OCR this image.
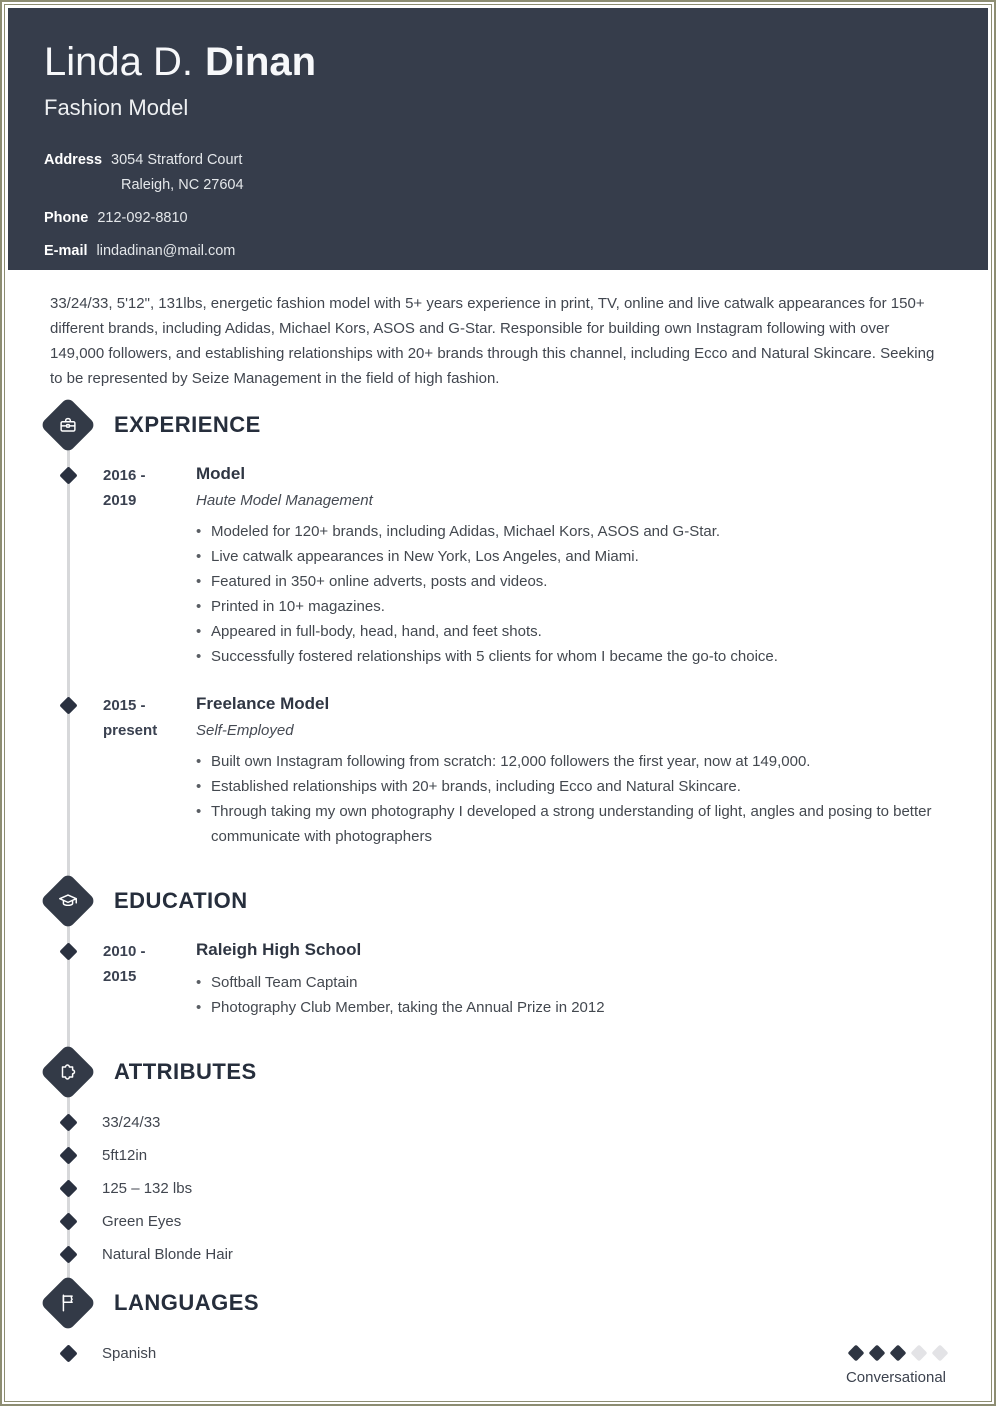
Linda D. Dinan
Fashion Model
Address 3054 Stratford Court
Raleigh, NC 27604
Phone 212-092-8810
E-mail lindadinan@mail.com
33/24/33, 5'12", 131lbs, energetic fashion model with 5+ years experience in print, TV, online and live catwalk appearances for 150+ different brands, including Adidas, Michael Kors, ASOS and G-Star. Responsible for building own Instagram following with over 149,000 followers, and establishing relationships with 20+ brands through this channel, including Ecco and Natural Skincare. Seeking to be represented by Seize Management in the field of high fashion.
EXPERIENCE
2016 -
2019
Model
Haute Model Management
• Modeled for 120+ brands, including Adidas, Michael Kors, ASOS and G-Star.
• Live catwalk appearances in New York, Los Angeles, and Miami.
• Featured in 350+ online adverts, posts and videos.
• Printed in 10+ magazines.
• Appeared in full-body, head, hand, and feet shots.
• Successfully fostered relationships with 5 clients for whom I became the go-to choice.
2015 -
present
Freelance Model
Self-Employed
• Built own Instagram following from scratch: 12,000 followers the first year, now at 149,000.
• Established relationships with 20+ brands, including Ecco and Natural Skincare.
• Through taking my own photography I developed a strong understanding of light, angles and posing to better communicate with photographers
EDUCATION
2010 -
2015
Raleigh High School
• Softball Team Captain
• Photography Club Member, taking the Annual Prize in 2012
ATTRIBUTES
33/24/33
5ft12in
125 – 132 lbs
Green Eyes
Natural Blonde Hair
LANGUAGES
Spanish
Conversational
